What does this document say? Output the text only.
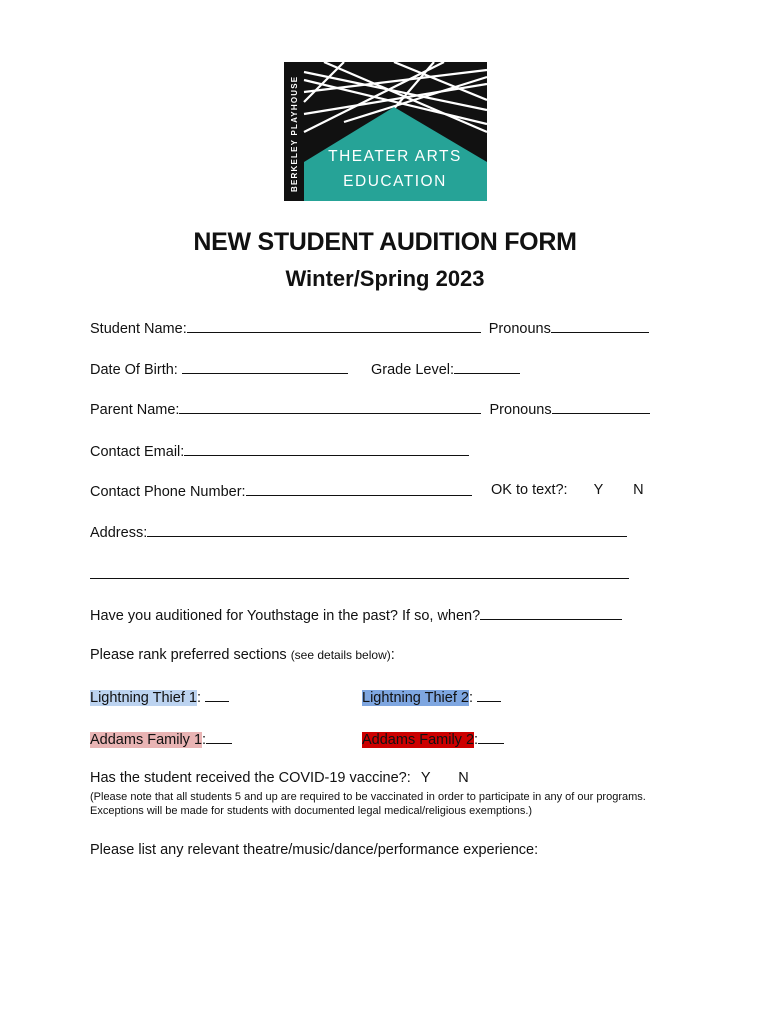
BERKELEY PLAYHOUSE THEATER ARTS
EDUCATION
NEW STUDENT AUDITION FORM
Winter/Spring 2023
Student Name:	Pronouns
Date Of Birth:	Grade Level:
Parent Name:	Pronouns
Contact Email:
Contact Phone Number:	OK to text?: Y N
Address:
Have you auditioned for Youthstage in the past? If so, when?
Please rank preferred sections (see details below):
Lightning Thief 1:	Lightning Thief 2:
Addams Family 1:	Addams Family 2:
Has the student received the COVID-19 vaccine?: Y N
(Please note that all students 5 and up are required to be vaccinated in order to participate in any of our programs.
Exceptions will be made for students with documented legal medical/religious exemptions.)
Please list any relevant theatre/music/dance/performance experience:
